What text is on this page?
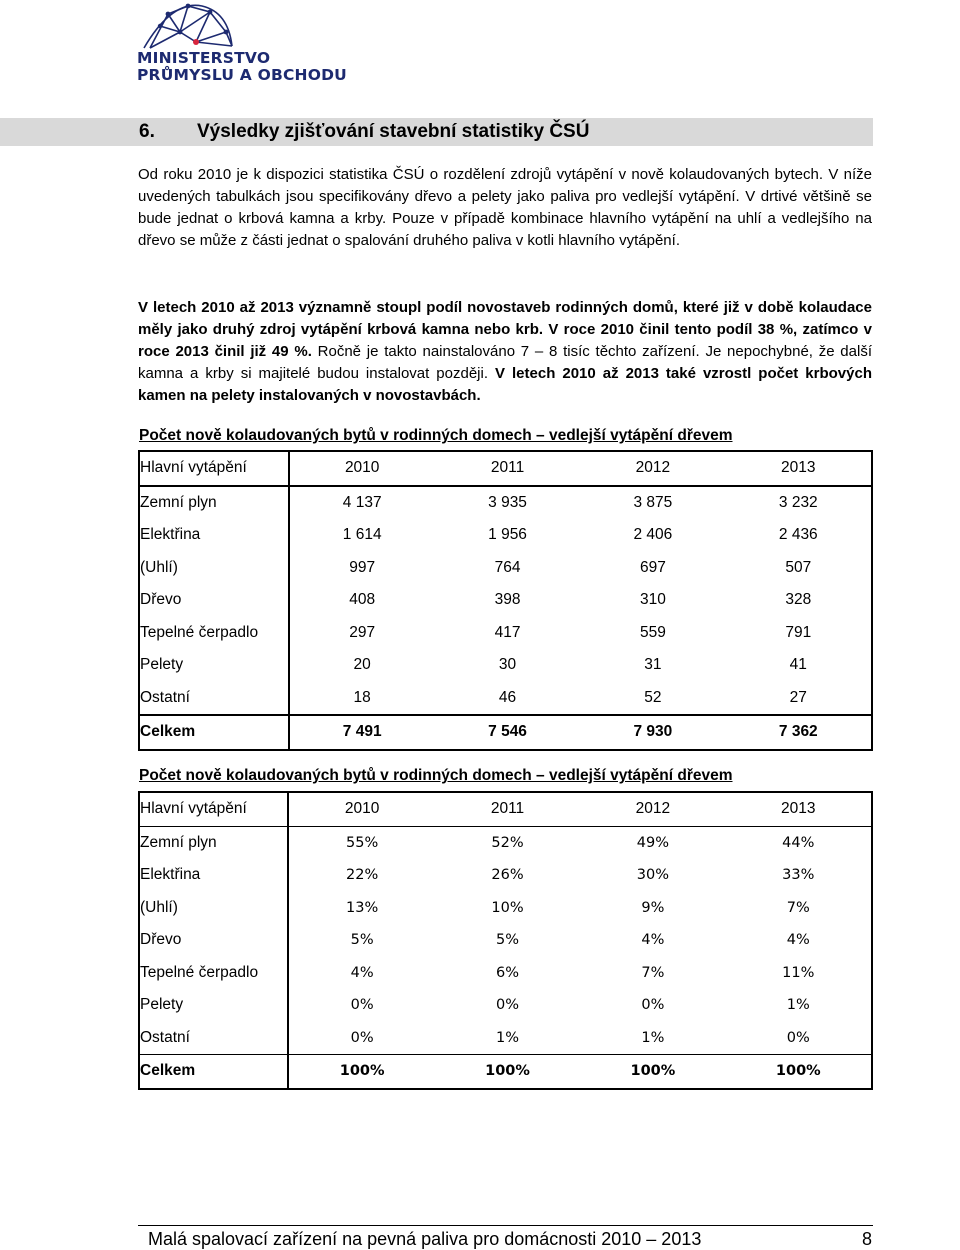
MINISTERSTVO
PRŮMYSLU A OBCHODU
6. Výsledky zjišťování stavební statistiky ČSÚ
Od roku 2010 je k dispozici statistika ČSÚ o rozdělení zdrojů vytápění v nově kolaudovaných bytech. V níže uvedených tabulkách jsou specifikovány dřevo a pelety jako paliva pro vedlejší vytápění. V drtivé většině se bude jednat o krbová kamna a krby. Pouze v případě kombinace hlavního vytápění na uhlí a vedlejšího na dřevo se může z části jednat o spalování druhého paliva v kotli hlavního vytápění.
V letech 2010 až 2013 významně stoupl podíl novostaveb rodinných domů, které již v době kolaudace měly jako druhý zdroj vytápění krbová kamna nebo krb. V roce 2010 činil tento podíl 38 %, zatímco v roce 2013 činil již 49 %. Ročně je takto nainstalováno 7 – 8 tisíc těchto zařízení. Je nepochybné, že další kamna a krby si majitelé budou instalovat později. V letech 2010 až 2013 také vzrostl počet krbových kamen na pelety instalovaných v novostavbách.
Počet nově kolaudovaných bytů v rodinných domech – vedlejší vytápění dřevem
Hlavní vytápění	2010	2011	2012	2013
Zemní plyn	4 137	3 935	3 875	3 232
Elektřina	1 614	1 956	2 406	2 436
(Uhlí)	997	764	697	507
Dřevo	408	398	310	328
Tepelné čerpadlo	297	417	559	791
Pelety	20	30	31	41
Ostatní	18	46	52	27
Celkem	7 491	7 546	7 930	7 362
Počet nově kolaudovaných bytů v rodinných domech – vedlejší vytápění dřevem
Hlavní vytápění	2010	2011	2012	2013
Zemní plyn	55%	52%	49%	44%
Elektřina	22%	26%	30%	33%
(Uhlí)	13%	10%	9%	7%
Dřevo	5%	5%	4%	4%
Tepelné čerpadlo	4%	6%	7%	11%
Pelety	0%	0%	0%	1%
Ostatní	0%	1%	1%	0%
Celkem	100%	100%	100%	100%
Malá spalovací zařízení na pevná paliva pro domácnosti 2010 – 2013	8
